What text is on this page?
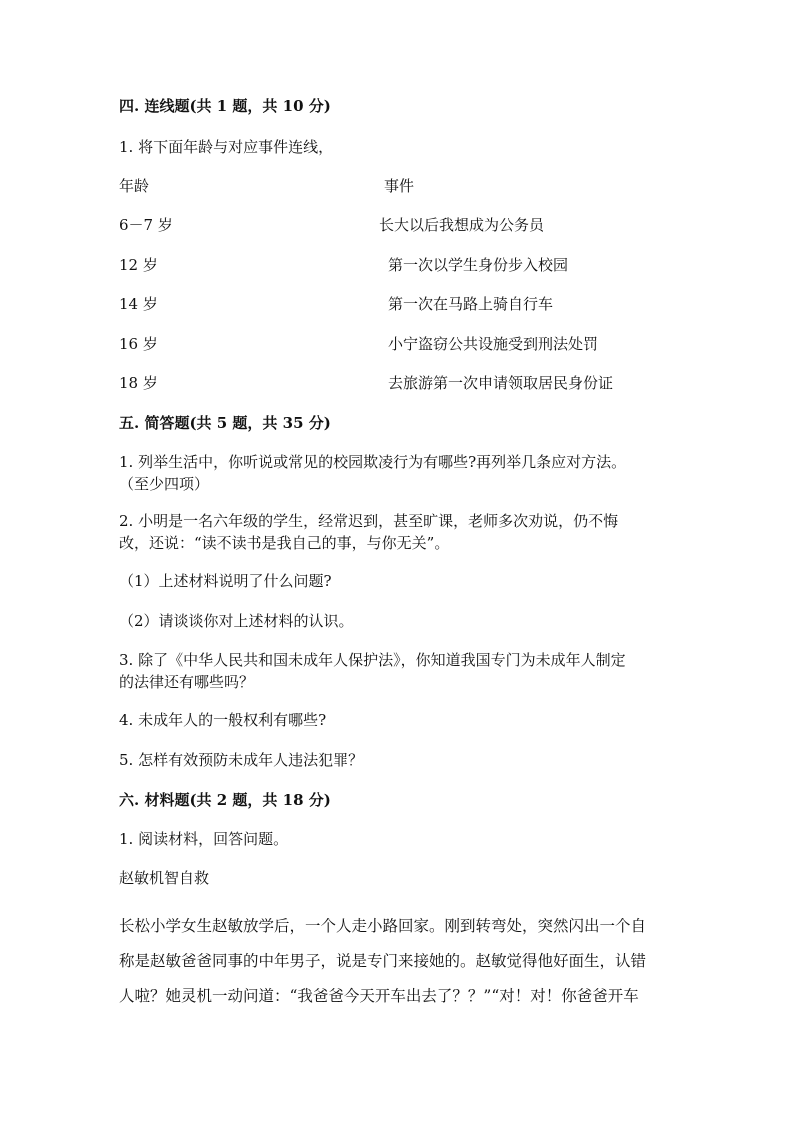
四. 连线题(共 1 题，共 10 分)
1. 将下面年龄与对应事件连线，
年龄	事件
6－7 岁	长大以后我想成为公务员
12 岁	第一次以学生身份步入校园
14 岁	第一次在马路上骑自行车
16 岁	小宁盗窃公共设施受到刑法处罚
18 岁	去旅游第一次申请领取居民身份证
五. 简答题(共 5 题，共 35 分)
1. 列举生活中，你听说或常见的校园欺凌行为有哪些?再列举几条应对方法。
（至少四项）
2. 小明是一名六年级的学生，经常迟到，甚至旷课，老师多次劝说，仍不悔
改，还说：“读不读书是我自己的事，与你无关”。
（1）上述材料说明了什么问题?
（2）请谈谈你对上述材料的认识。
3. 除了《中华人民共和国未成年人保护法》，你知道我国专门为未成年人制定
的法律还有哪些吗？
4. 未成年人的一般权利有哪些?
5. 怎样有效预防未成年人违法犯罪？
六. 材料题(共 2 题，共 18 分)
1. 阅读材料，回答问题。
赵敏机智自救
长松小学女生赵敏放学后，一个人走小路回家。刚到转弯处，突然闪出一个自
称是赵敏爸爸同事的中年男子，说是专门来接她的。赵敏觉得他好面生，认错
人啦？她灵机一动问道：“我爸爸今天开车出去了？？”“对！对！你爸爸开车
